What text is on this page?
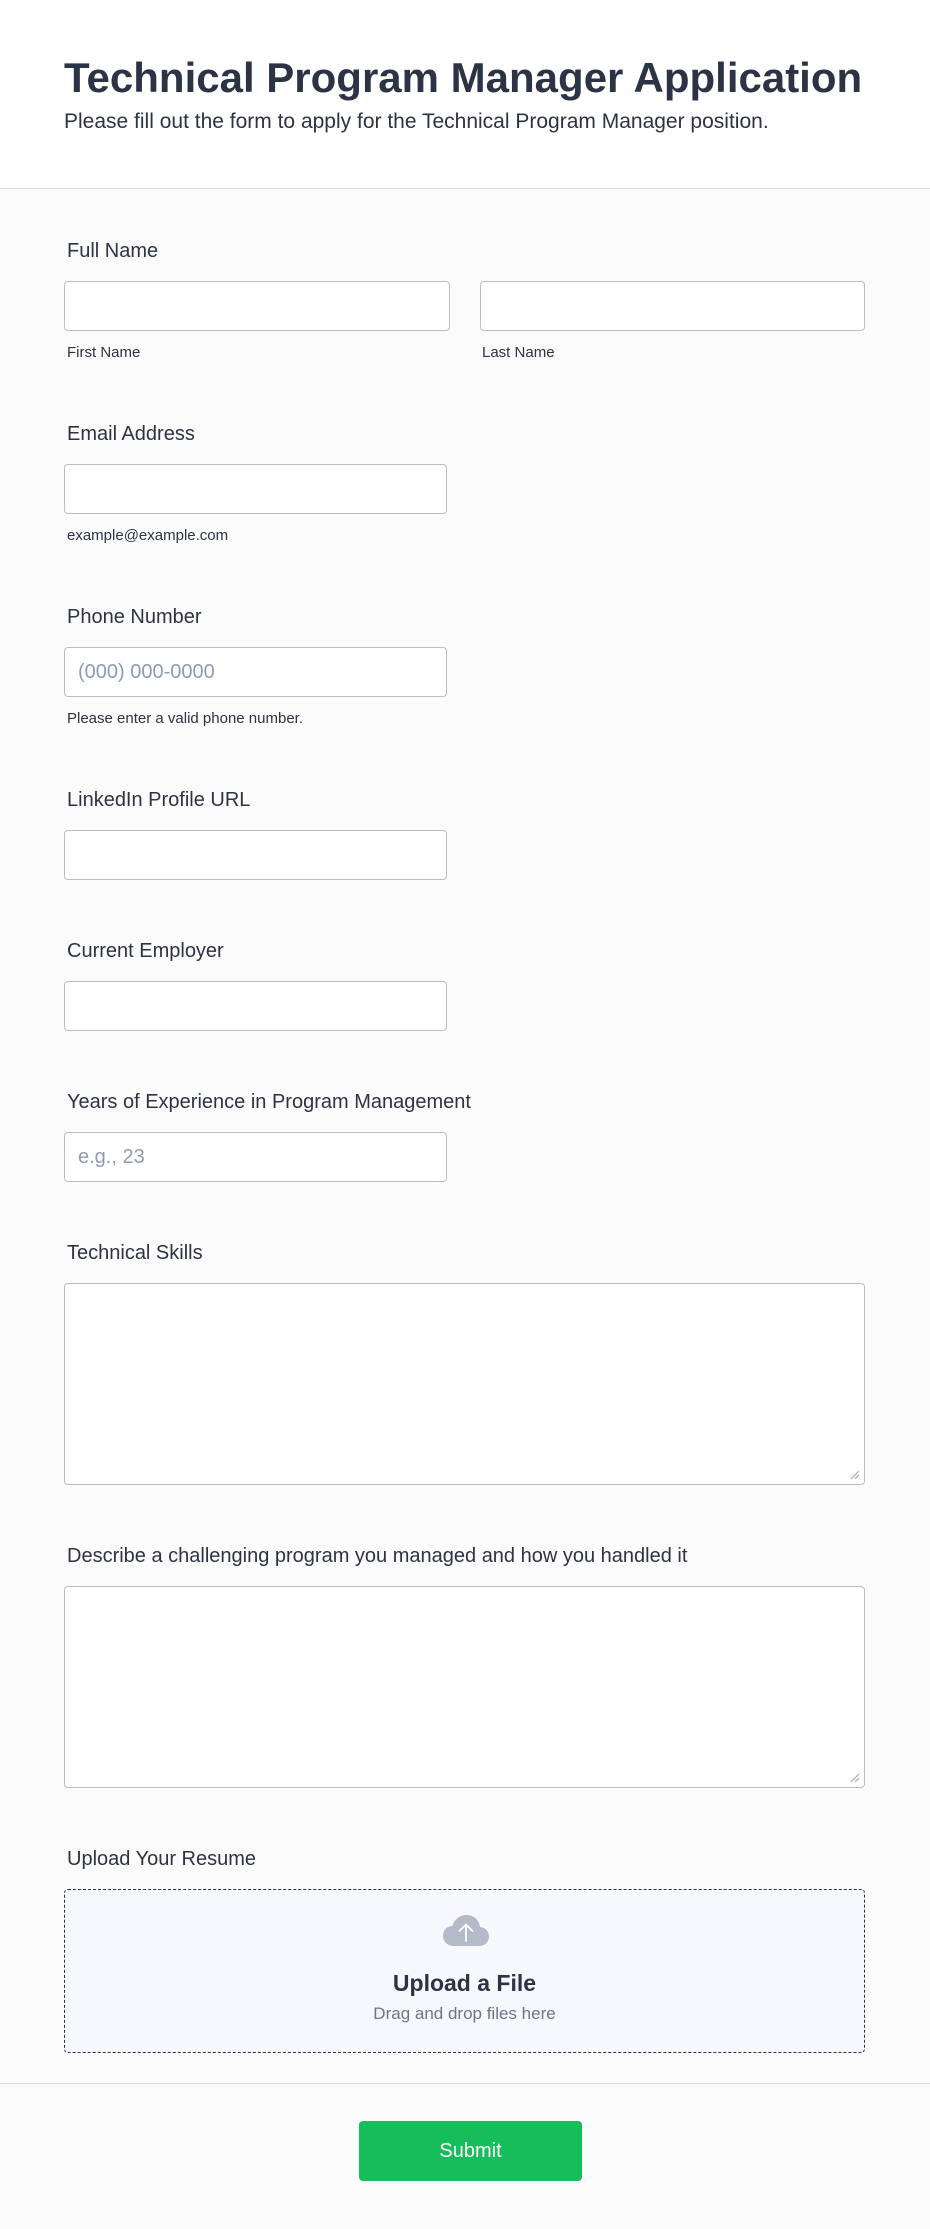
Technical Program Manager Application
Please fill out the form to apply for the Technical Program Manager position.
Full Name
First Name	Last Name
Email Address
example@example.com
Phone Number
(000) 000-0000
Please enter a valid phone number.
LinkedIn Profile URL
Current Employer
Years of Experience in Program Management
e.g., 23
Technical Skills
Describe a challenging program you managed and how you handled it
Upload Your Resume
Upload a File
Drag and drop files here
Submit
